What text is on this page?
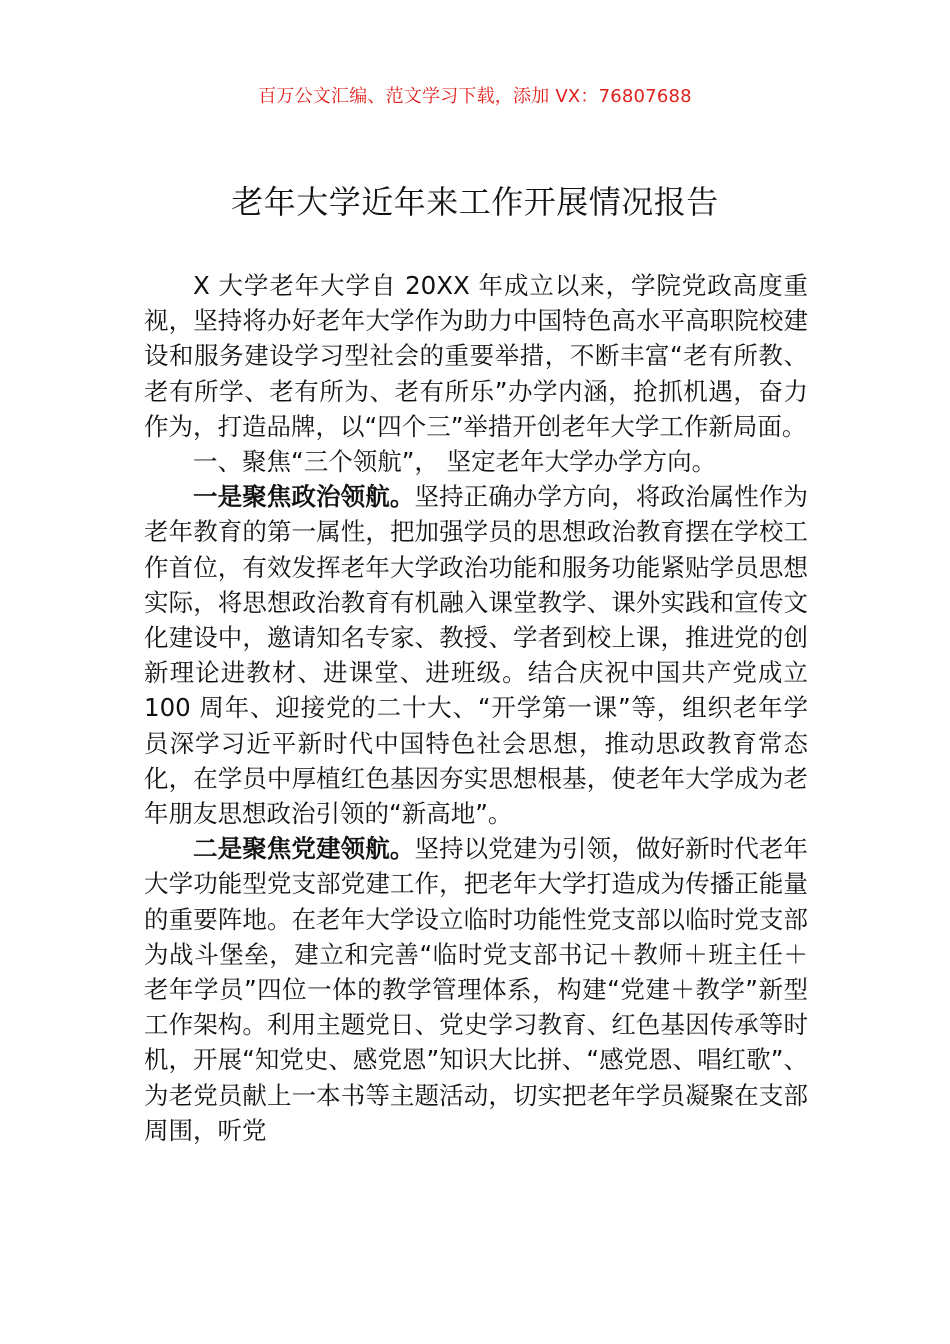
百万公文汇编、范文学习下载，添加 VX：76807688
老年大学近年来工作开展情况报告

X 大学老年大学自 20XX 年成立以来，学院党政高度重视，坚持将办好老年大学作为助力中国特色高水平高职院校建设和服务建设学习型社会的重要举措，不断丰富“老有所教、老有所学、老有所为、老有所乐”办学内涵，抢抓机遇，奋力作为，打造品牌，以“四个三”举措开创老年大学工作新局面。

一、聚焦“三个领航”， 坚定老年大学办学方向。

一是聚焦政治领航。坚持正确办学方向，将政治属性作为老年教育的第一属性，把加强学员的思想政治教育摆在学校工作首位，有效发挥老年大学政治功能和服务功能紧贴学员思想实际，将思想政治教育有机融入课堂教学、课外实践和宣传文化建设中，邀请知名专家、教授、学者到校上课，推进党的创新理论进教材、进课堂、进班级。结合庆祝中国共产党成立 100 周年、迎接党的二十大、“开学第一课”等，组织老年学员深学习近平新时代中国特色社会思想，推动思政教育常态化，在学员中厚植红色基因夯实思想根基，使老年大学成为老年朋友思想政治引领的“新高地”。

二是聚焦党建领航。坚持以党建为引领，做好新时代老年大学功能型党支部党建工作，把老年大学打造成为传播正能量的重要阵地。在老年大学设立临时功能性党支部以临时党支部为战斗堡垒，建立和完善“临时党支部书记＋教师＋班主任＋老年学员”四位一体的教学管理体系，构建“党建＋教学”新型工作架构。利用主题党日、党史学习教育、红色基因传承等时机，开展“知党史、感党恩”知识大比拼、“感党恩、唱红歌”、为老党员献上一本书等主题活动，切实把老年学员凝聚在支部周围，听党
